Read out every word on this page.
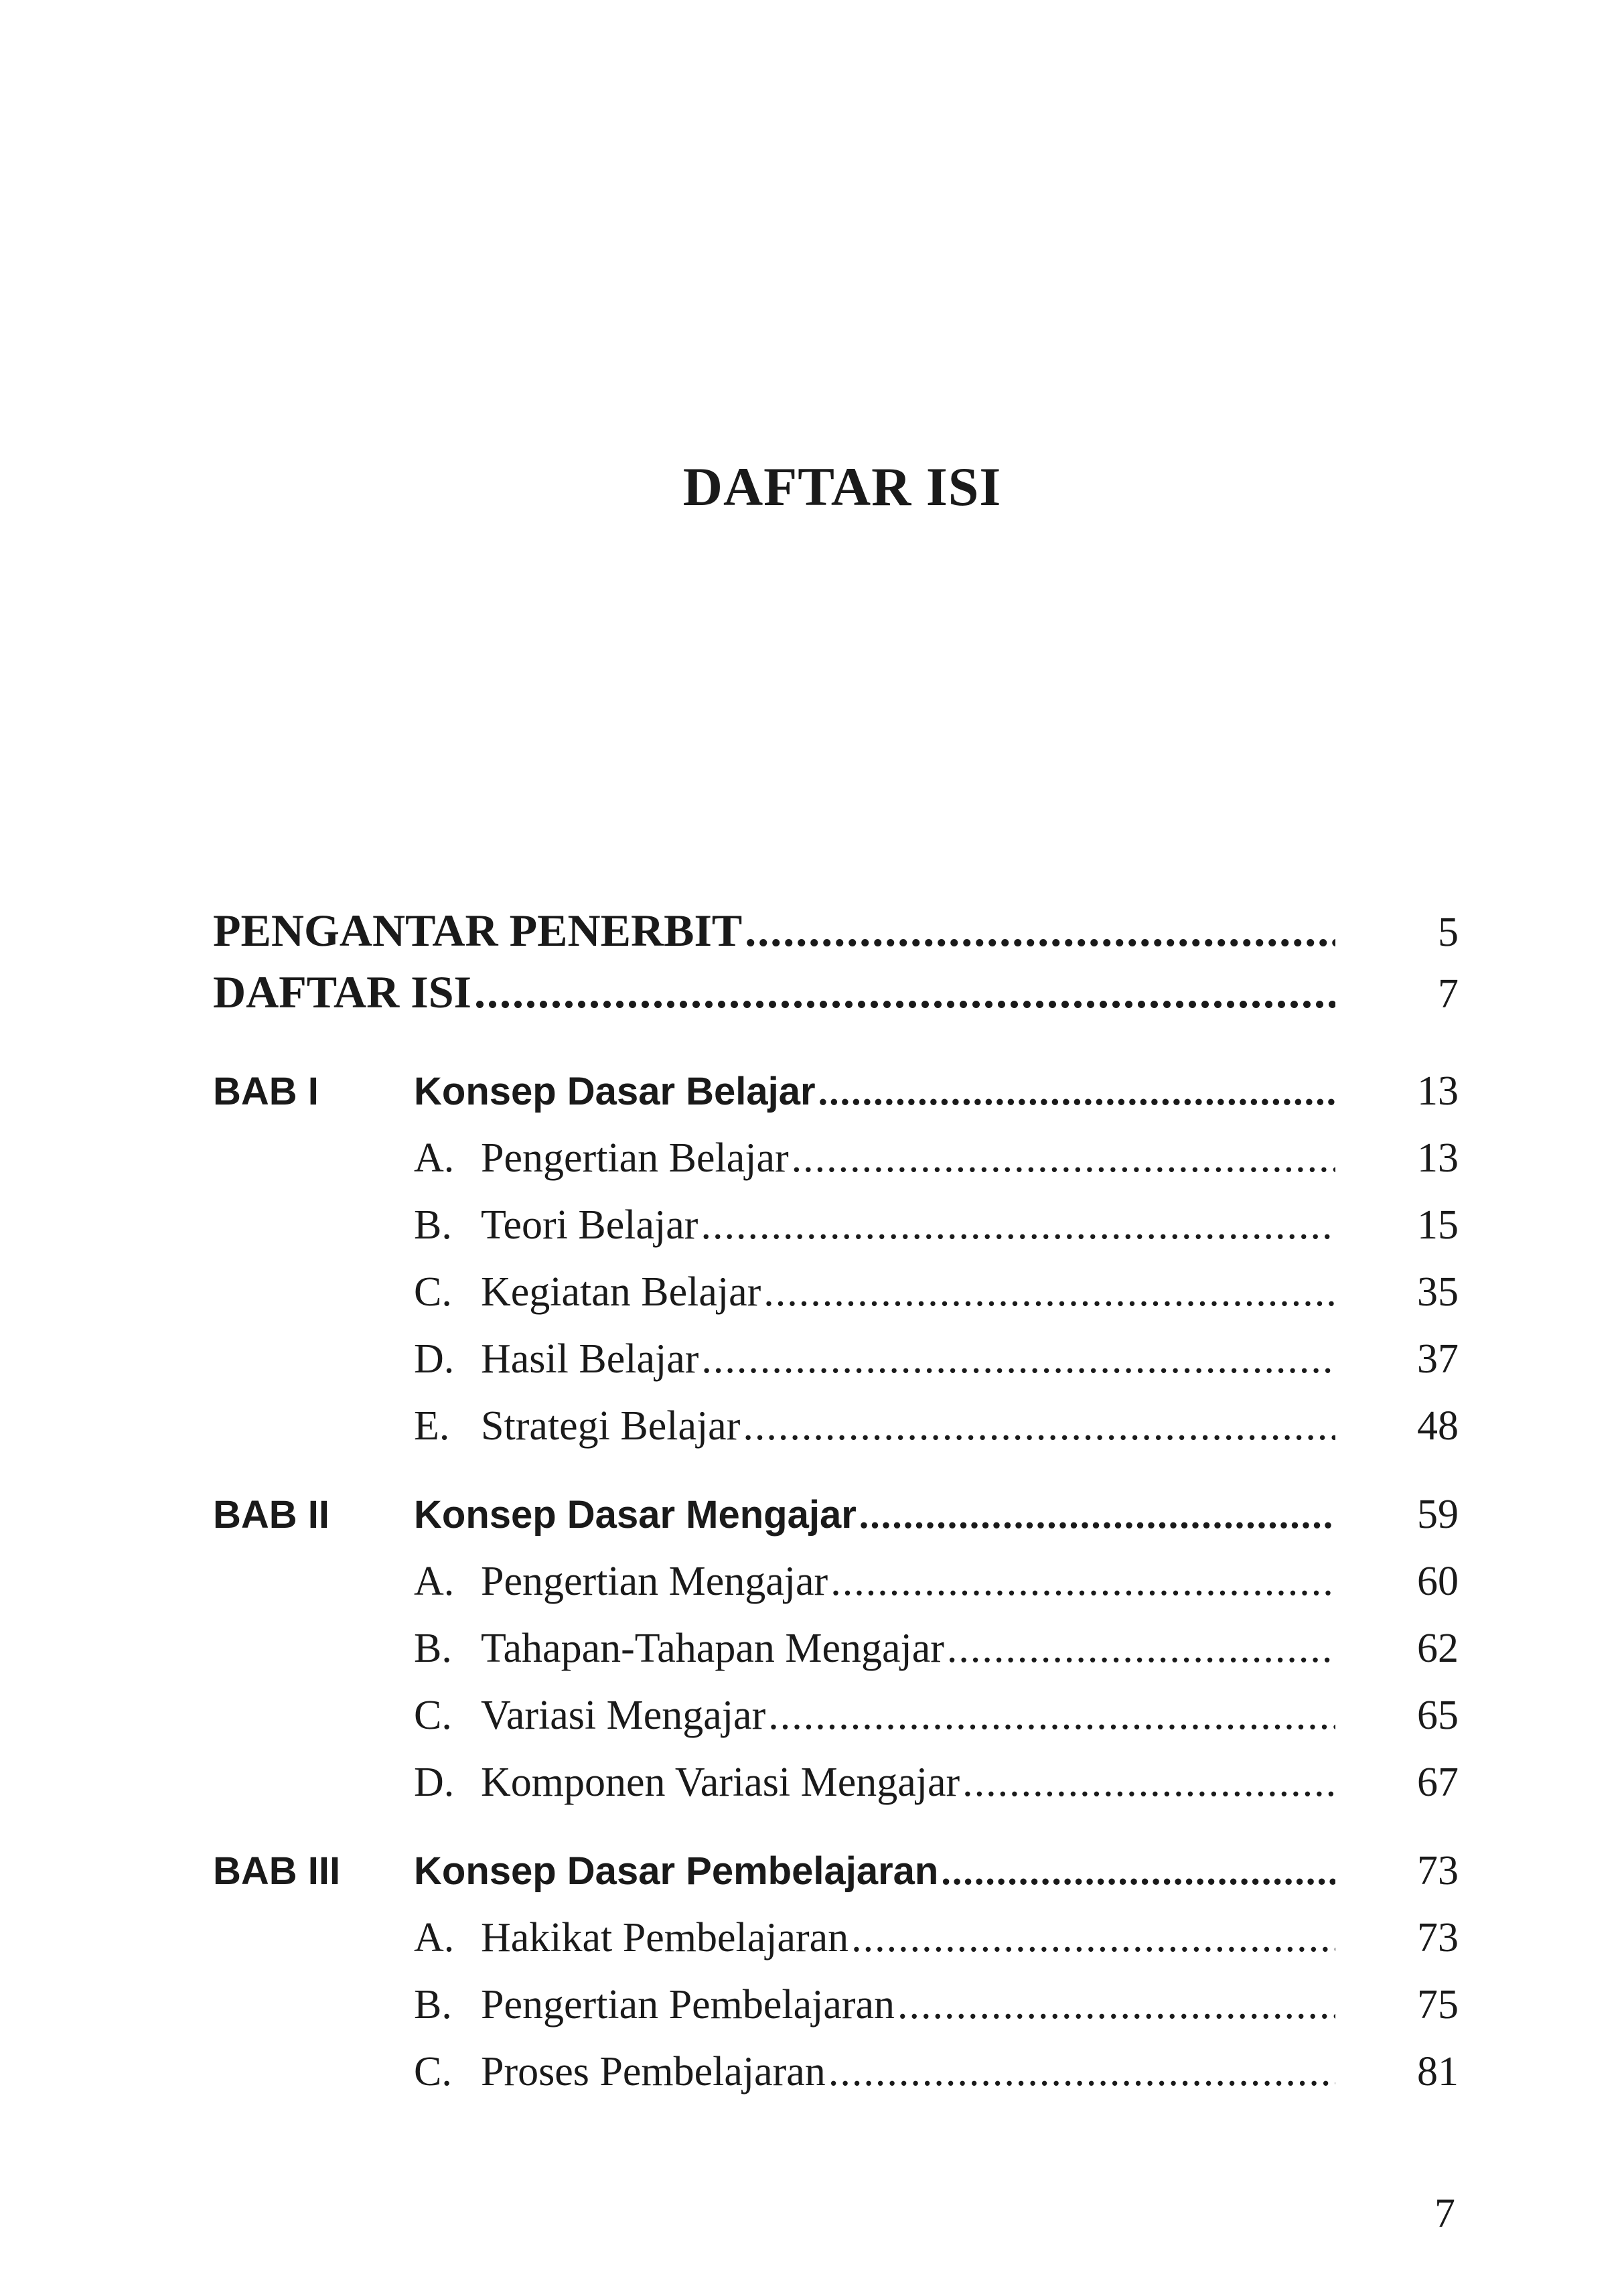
DAFTAR ISI
PENGANTAR PENERBIT .....	5
DAFTAR ISI .....	7
BAB I	Konsep Dasar Belajar .....	13
A. Pengertian Belajar .....	13
B. Teori Belajar .....	15
C. Kegiatan Belajar .....	35
D. Hasil Belajar .....	37
E. Strategi Belajar .....	48
BAB II	Konsep Dasar Mengajar .....	59
A. Pengertian Mengajar .....	60
B. Tahapan-Tahapan Mengajar .....	62
C. Variasi Mengajar .....	65
D. Komponen Variasi Mengajar .....	67
BAB III	Konsep Dasar Pembelajaran .....	73
A. Hakikat Pembelajaran .....	73
B. Pengertian Pembelajaran .....	75
C. Proses Pembelajaran .....	81
7
